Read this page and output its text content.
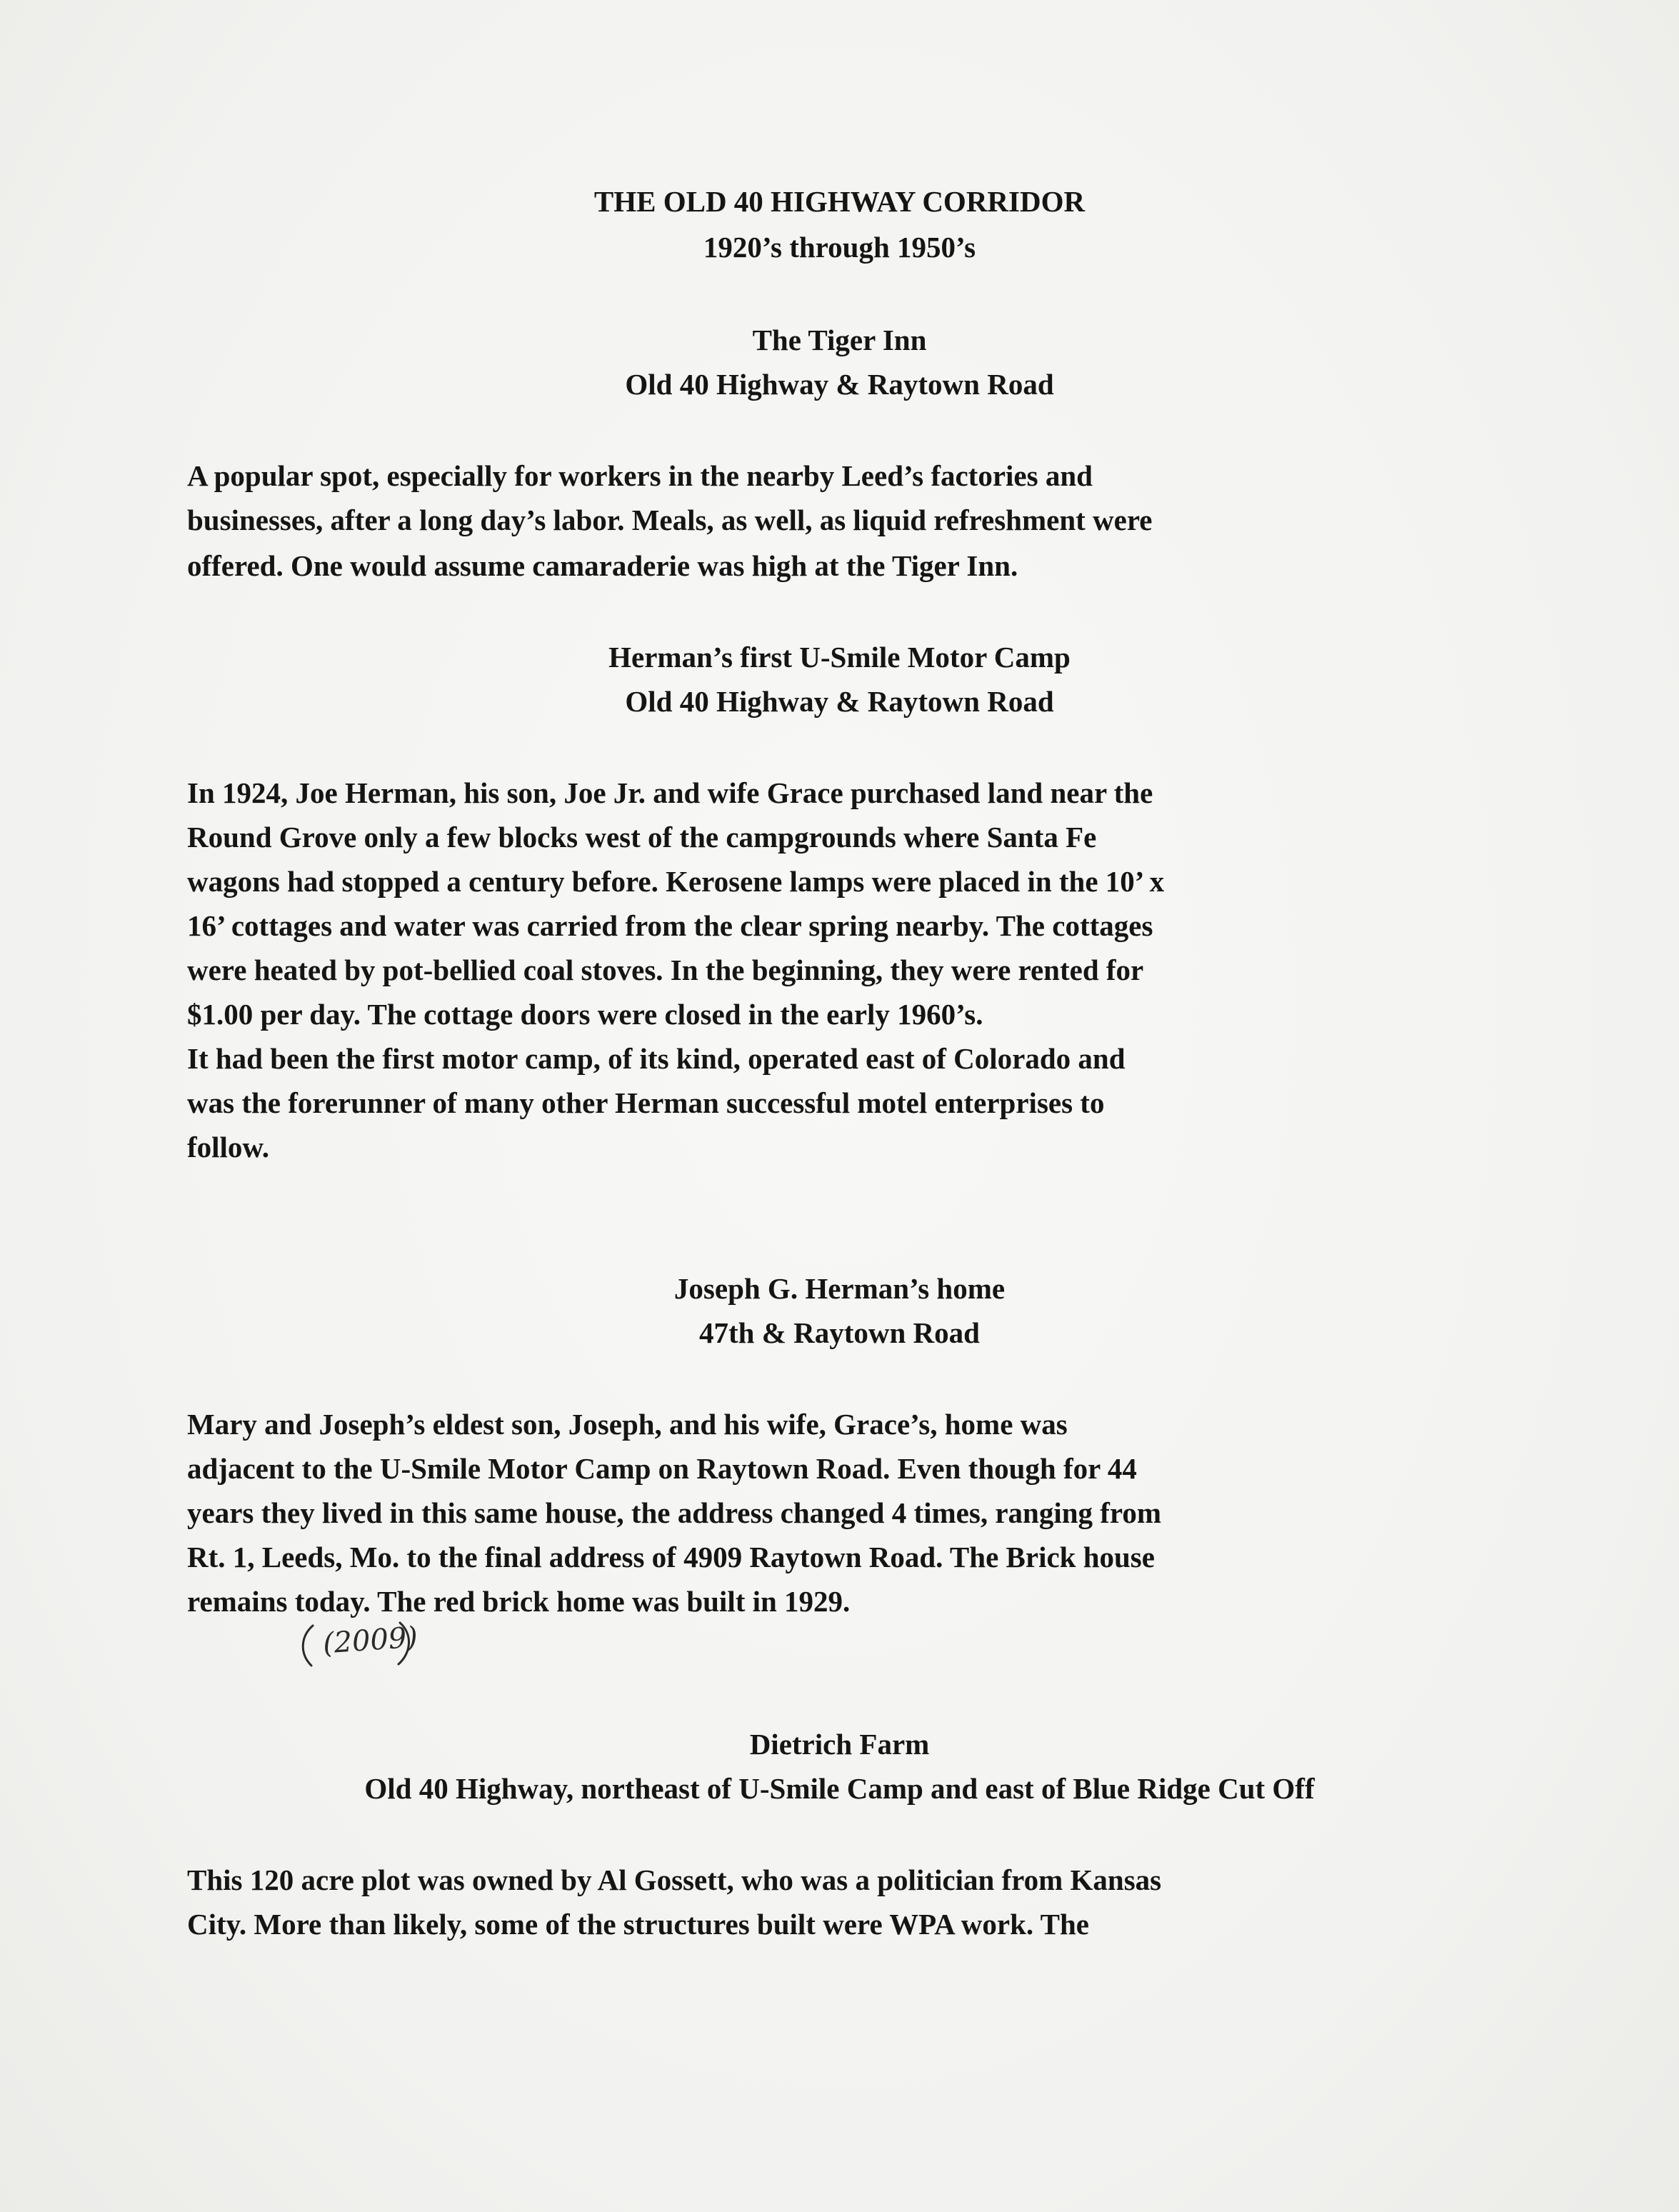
THE OLD 40 HIGHWAY CORRIDOR

1920’s through 1950’s

The Tiger Inn

Old 40 Highway & Raytown Road

A popular spot, especially for workers in the nearby Leed’s factories and

businesses, after a long day’s labor. Meals, as well, as liquid refreshment were

offered. One would assume camaraderie was high at the Tiger Inn.

Herman’s first U-Smile Motor Camp

Old 40 Highway & Raytown Road

In 1924, Joe Herman, his son, Joe Jr. and wife Grace purchased land near the

Round Grove only a few blocks west of the campgrounds where Santa Fe

wagons had stopped a century before. Kerosene lamps were placed in the 10’ x

16’ cottages and water was carried from the clear spring nearby. The cottages

were heated by pot-bellied coal stoves. In the beginning, they were rented for

$1.00 per day. The cottage doors were closed in the early 1960’s.

It had been the first motor camp, of its kind, operated east of Colorado and

was the forerunner of many other Herman successful motel enterprises to

follow.

Joseph G. Herman’s home

47th & Raytown Road

Mary and Joseph’s eldest son, Joseph, and his wife, Grace’s, home was

adjacent to the U-Smile Motor Camp on Raytown Road. Even though for 44

years they lived in this same house, the address changed 4 times, ranging from

Rt. 1, Leeds, Mo. to the final address of 4909 Raytown Road. The Brick house

remains today. The red brick home was built in 1929.

(2009)

Dietrich Farm

Old 40 Highway, northeast of U-Smile Camp and east of Blue Ridge Cut Off

This 120 acre plot was owned by Al Gossett, who was a politician from Kansas

City. More than likely, some of the structures built were WPA work. The
